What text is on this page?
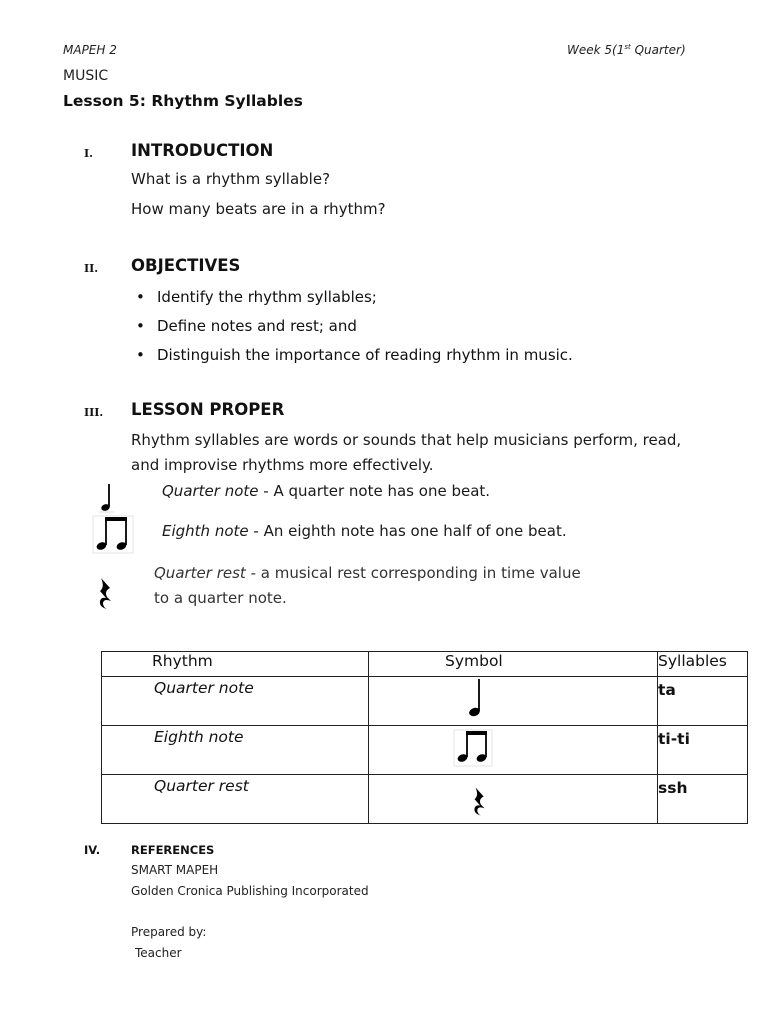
MAPEH 2	Week 5(1st Quarter)
MUSIC
Lesson 5: Rhythm Syllables
I. INTRODUCTION
What is a rhythm syllable?
How many beats are in a rhythm?
II. OBJECTIVES
• Identify the rhythm syllables;
• Define notes and rest; and
• Distinguish the importance of reading rhythm in music.
III. LESSON PROPER
Rhythm syllables are words or sounds that help musicians perform, read,
and improvise rhythms more effectively.
Quarter note - A quarter note has one beat.
Eighth note - An eighth note has one half of one beat.
Quarter rest - a musical rest corresponding in time value
to a quarter note.
Rhythm	Symbol	Syllables
Quarter note		ta
Eighth note		ti-ti
Quarter rest		ssh
IV.	REFERENCES
SMART MAPEH
Golden Cronica Publishing Incorporated
Prepared by:
Teacher
